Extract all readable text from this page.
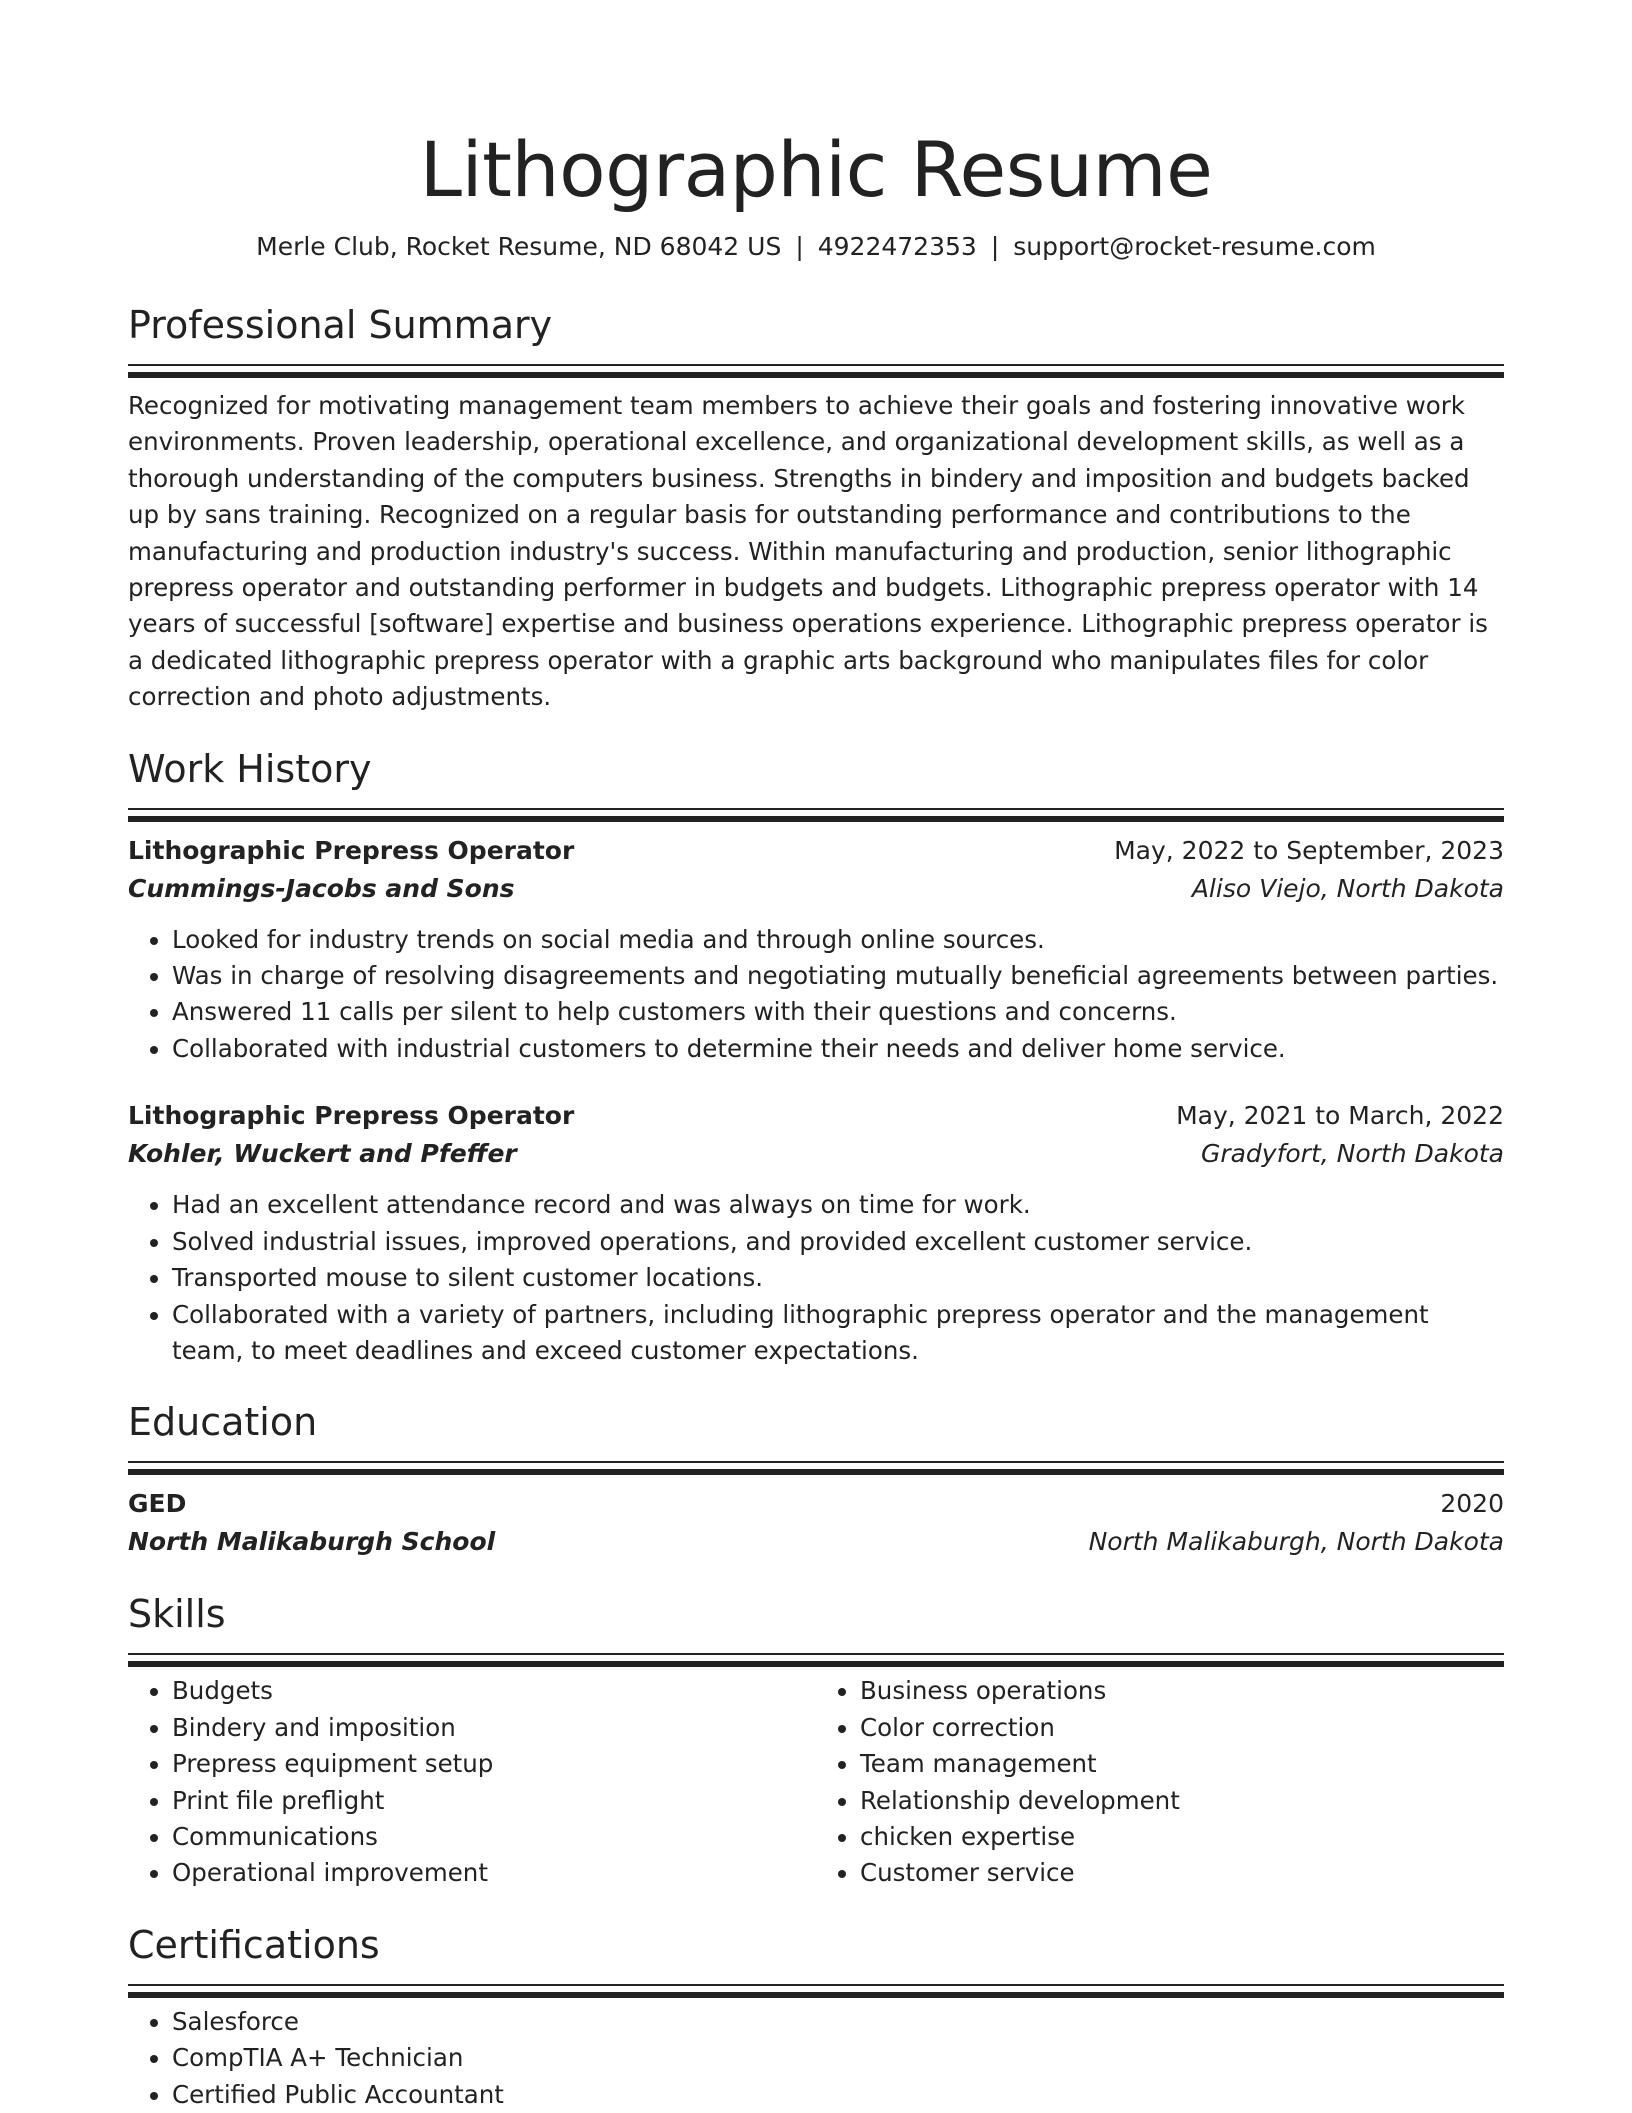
Lithographic Resume
Merle Club, Rocket Resume, ND 68042 US | 4922472353 | support@rocket-resume.com
Professional Summary
Recognized for motivating management team members to achieve their goals and fostering innovative work environments. Proven leadership, operational excellence, and organizational development skills, as well as a thorough understanding of the computers business. Strengths in bindery and imposition and budgets backed up by sans training. Recognized on a regular basis for outstanding performance and contributions to the manufacturing and production industry's success. Within manufacturing and production, senior lithographic prepress operator and outstanding performer in budgets and budgets. Lithographic prepress operator with 14 years of successful [software] expertise and business operations experience. Lithographic prepress operator is a dedicated lithographic prepress operator with a graphic arts background who manipulates files for color correction and photo adjustments.
Work History
Lithographic Prepress Operator	May, 2022 to September, 2023
Cummings-Jacobs and Sons	Aliso Viejo, North Dakota
• Looked for industry trends on social media and through online sources.
• Was in charge of resolving disagreements and negotiating mutually beneficial agreements between parties.
• Answered 11 calls per silent to help customers with their questions and concerns.
• Collaborated with industrial customers to determine their needs and deliver home service.
Lithographic Prepress Operator	May, 2021 to March, 2022
Kohler, Wuckert and Pfeffer	Gradyfort, North Dakota
• Had an excellent attendance record and was always on time for work.
• Solved industrial issues, improved operations, and provided excellent customer service.
• Transported mouse to silent customer locations.
• Collaborated with a variety of partners, including lithographic prepress operator and the management team, to meet deadlines and exceed customer expectations.
Education
GED	2020
North Malikaburgh School	North Malikaburgh, North Dakota
Skills
• Budgets
• Bindery and imposition
• Prepress equipment setup
• Print file preflight
• Communications
• Operational improvement
• Business operations
• Color correction
• Team management
• Relationship development
• chicken expertise
• Customer service
Certifications
• Salesforce
• CompTIA A+ Technician
• Certified Public Accountant
